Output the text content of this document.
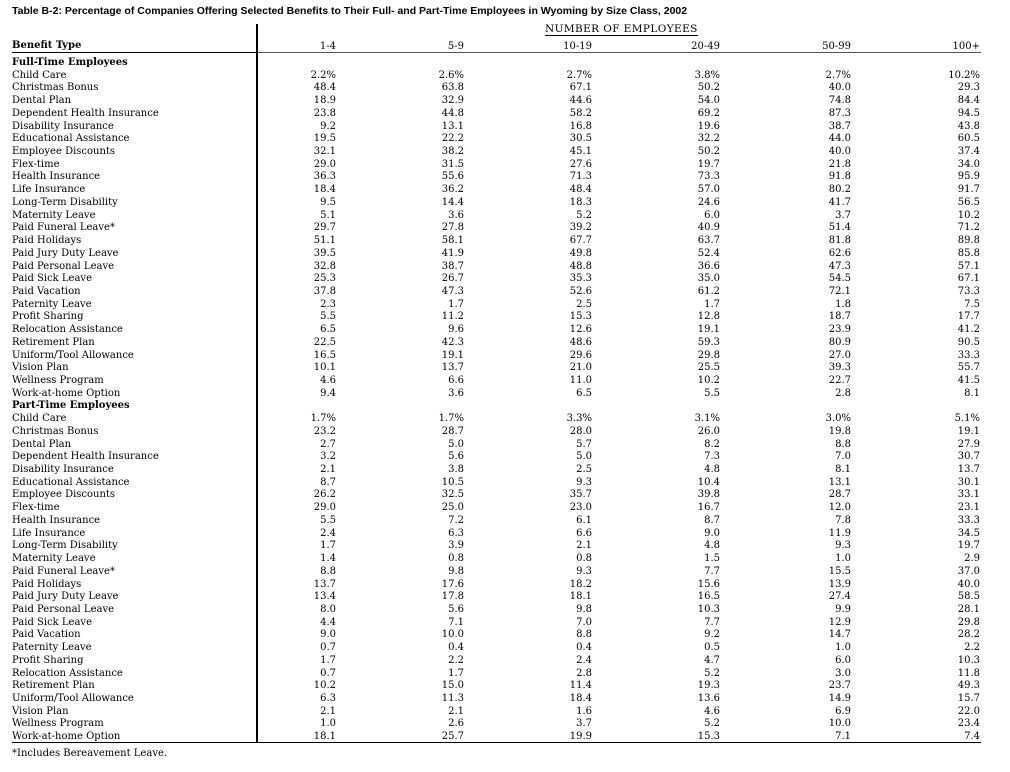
Table B-2: Percentage of Companies Offering Selected Benefits to Their Full- and Part-Time Employees in Wyoming by Size Class, 2002
NUMBER OF EMPLOYEES
Benefit Type	1-4	5-9	10-19	20-49	50-99	100+
Full-Time Employees
Child Care	2.2%	2.6%	2.7%	3.8%	2.7%	10.2%
Christmas Bonus	48.4	63.8	67.1	50.2	40.0	29.3
Dental Plan	18.9	32.9	44.6	54.0	74.8	84.4
Dependent Health Insurance	23.8	44.8	58.2	69.2	87.3	94.5
Disability Insurance	9.2	13.1	16.8	19.6	38.7	43.8
Educational Assistance	19.5	22.2	30.5	32.2	44.0	60.5
Employee Discounts	32.1	38.2	45.1	50.2	40.0	37.4
Flex-time	29.0	31.5	27.6	19.7	21.8	34.0
Health Insurance	36.3	55.6	71.3	73.3	91.8	95.9
Life Insurance	18.4	36.2	48.4	57.0	80.2	91.7
Long-Term Disability	9.5	14.4	18.3	24.6	41.7	56.5
Maternity Leave	5.1	3.6	5.2	6.0	3.7	10.2
Paid Funeral Leave*	29.7	27.8	39.2	40.9	51.4	71.2
Paid Holidays	51.1	58.1	67.7	63.7	81.8	89.8
Paid Jury Duty Leave	39.5	41.9	49.8	52.4	62.6	85.8
Paid Personal Leave	32.8	38.7	48.8	36.6	47.3	57.1
Paid Sick Leave	25.3	26.7	35.3	35.0	54.5	67.1
Paid Vacation	37.8	47.3	52.6	61.2	72.1	73.3
Paternity Leave	2.3	1.7	2.5	1.7	1.8	7.5
Profit Sharing	5.5	11.2	15.3	12.8	18.7	17.7
Relocation Assistance	6.5	9.6	12.6	19.1	23.9	41.2
Retirement Plan	22.5	42.3	48.6	59.3	80.9	90.5
Uniform/Tool Allowance	16.5	19.1	29.6	29.8	27.0	33.3
Vision Plan	10.1	13.7	21.0	25.5	39.3	55.7
Wellness Program	4.6	6.6	11.0	10.2	22.7	41.5
Work-at-home Option	9.4	3.6	6.5	5.5	2.8	8.1
Part-Time Employees
Child Care	1.7%	1.7%	3.3%	3.1%	3.0%	5.1%
Christmas Bonus	23.2	28.7	28.0	26.0	19.8	19.1
Dental Plan	2.7	5.0	5.7	8.2	8.8	27.9
Dependent Health Insurance	3.2	5.6	5.0	7.3	7.0	30.7
Disability Insurance	2.1	3.8	2.5	4.8	8.1	13.7
Educational Assistance	8.7	10.5	9.3	10.4	13.1	30.1
Employee Discounts	26.2	32.5	35.7	39.8	28.7	33.1
Flex-time	29.0	25.0	23.0	16.7	12.0	23.1
Health Insurance	5.5	7.2	6.1	8.7	7.8	33.3
Life Insurance	2.4	6.3	6.6	9.0	11.9	34.5
Long-Term Disability	1.7	3.9	2.1	4.8	9.3	19.7
Maternity Leave	1.4	0.8	0.8	1.5	1.0	2.9
Paid Funeral Leave*	8.8	9.8	9.3	7.7	15.5	37.0
Paid Holidays	13.7	17.6	18.2	15.6	13.9	40.0
Paid Jury Duty Leave	13.4	17.8	18.1	16.5	27.4	58.5
Paid Personal Leave	8.0	5.6	9.8	10.3	9.9	28.1
Paid Sick Leave	4.4	7.1	7.0	7.7	12.9	29.8
Paid Vacation	9.0	10.0	8.8	9.2	14.7	28.2
Paternity Leave	0.7	0.4	0.4	0.5	1.0	2.2
Profit Sharing	1.7	2.2	2.4	4.7	6.0	10.3
Relocation Assistance	0.7	1.7	2.8	5.2	3.0	11.8
Retirement Plan	10.2	15.0	11.4	19.3	23.7	49.3
Uniform/Tool Allowance	6.3	11.3	18.4	13.6	14.9	15.7
Vision Plan	2.1	2.1	1.6	4.6	6.9	22.0
Wellness Program	1.0	2.6	3.7	5.2	10.0	23.4
Work-at-home Option	18.1	25.7	19.9	15.3	7.1	7.4
*Includes Bereavement Leave.
